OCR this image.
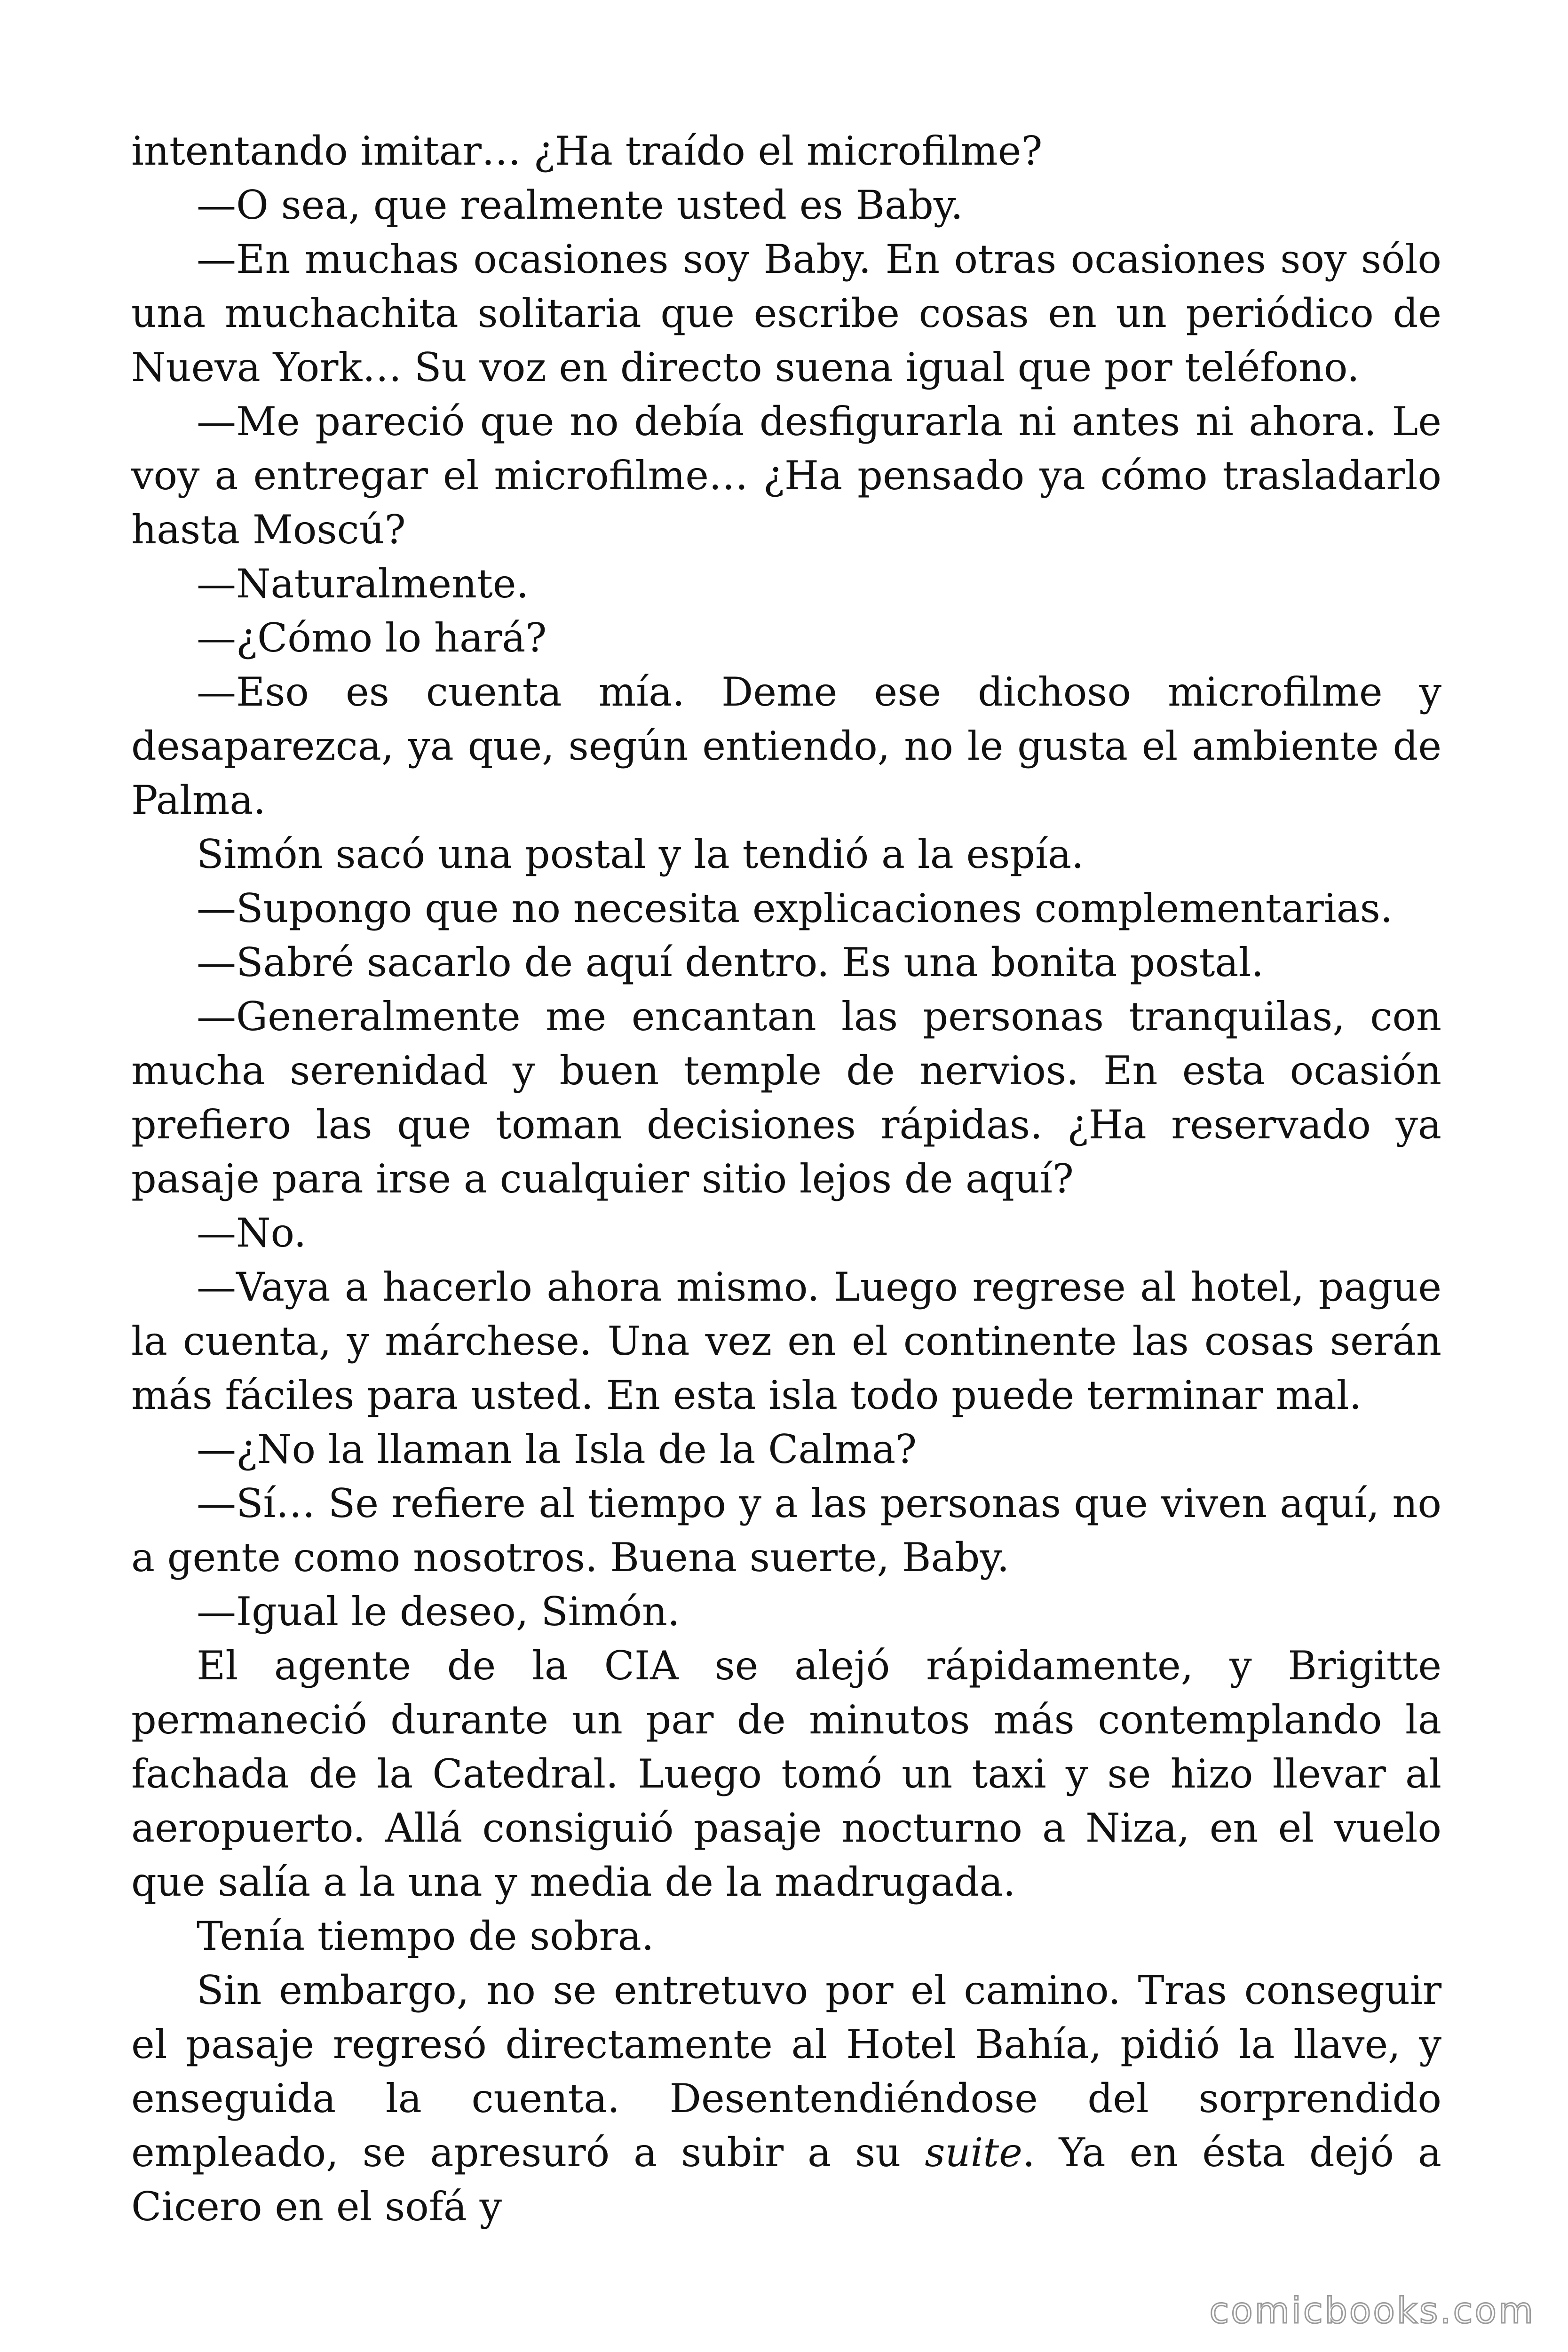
intentando imitar… ¿Ha traído el microfilme?

—O sea, que realmente usted es Baby.

—En muchas ocasiones soy Baby. En otras ocasiones soy sólo una muchachita solitaria que escribe cosas en un periódico de Nueva York… Su voz en directo suena igual que por teléfono.

—Me pareció que no debía desfigurarla ni antes ni ahora. Le voy a entregar el microfilme… ¿Ha pensado ya cómo trasladarlo hasta Moscú?

—Naturalmente.

—¿Cómo lo hará?

—Eso es cuenta mía. Deme ese dichoso microfilme y desaparezca, ya que, según entiendo, no le gusta el ambiente de Palma.

Simón sacó una postal y la tendió a la espía.

—Supongo que no necesita explicaciones complementarias.

—Sabré sacarlo de aquí dentro. Es una bonita postal.

—Generalmente me encantan las personas tranquilas, con mucha serenidad y buen temple de nervios. En esta ocasión prefiero las que toman decisiones rápidas. ¿Ha reservado ya pasaje para irse a cualquier sitio lejos de aquí?

—No.

—Vaya a hacerlo ahora mismo. Luego regrese al hotel, pague la cuenta, y márchese. Una vez en el continente las cosas serán más fáciles para usted. En esta isla todo puede terminar mal.

—¿No la llaman la Isla de la Calma?

—Sí… Se refiere al tiempo y a las personas que viven aquí, no a gente como nosotros. Buena suerte, Baby.

—Igual le deseo, Simón.

El agente de la CIA se alejó rápidamente, y Brigitte permaneció durante un par de minutos más contemplando la fachada de la Catedral. Luego tomó un taxi y se hizo llevar al aeropuerto. Allá consiguió pasaje nocturno a Niza, en el vuelo que salía a la una y media de la madrugada.

Tenía tiempo de sobra.

Sin embargo, no se entretuvo por el camino. Tras conseguir el pasaje regresó directamente al Hotel Bahía, pidió la llave, y enseguida la cuenta. Desentendiéndose del sorprendido empleado, se apresuró a subir a su suite. Ya en ésta dejó a Cicero en el sofá y

comicbooks.com
